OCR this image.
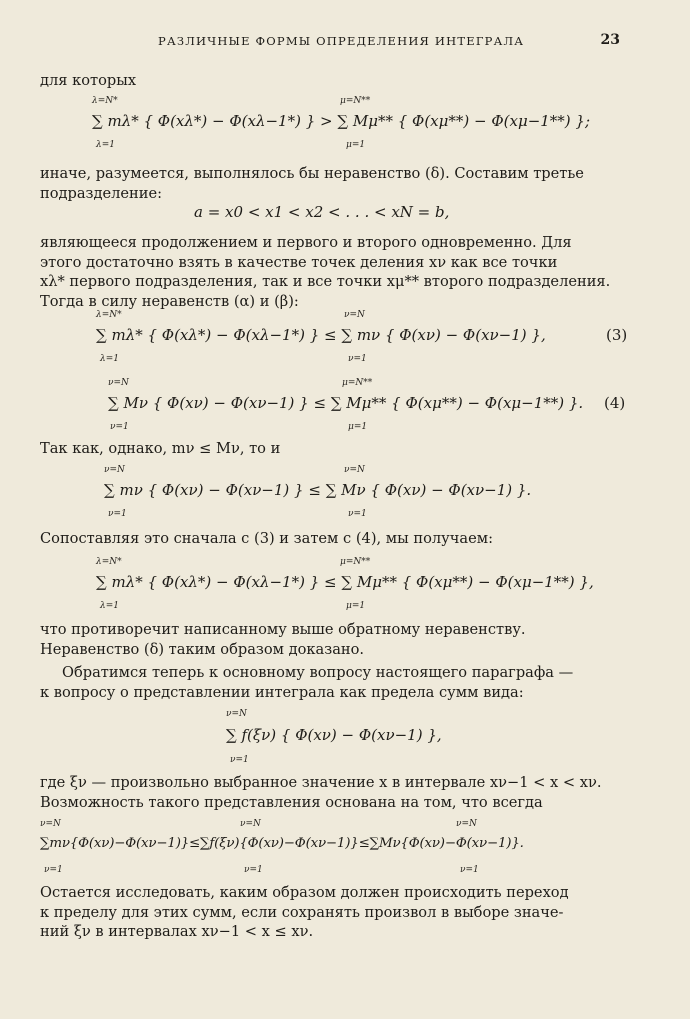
РАЗЛИЧНЫЕ ФОРМЫ ОПРЕДЕЛЕНИЯ ИНТЕГРАЛА	23
для которых
λ=N*
λ=1
μ=N**
μ=1
∑ mλ* { Φ(xλ*) − Φ(xλ−1*) } > ∑ Mμ** { Φ(xμ**) − Φ(xμ−1**) };
иначе, разумеется, выполнялось бы неравенство (δ). Составим третье
подразделение:
a = x0 < x1 < x2 < . . . < xN = b,
являющееся продолжением и первого и второго одновременно. Для
этого достаточно взять в качестве точек деления xν как все точки
xλ* первого подразделения, так и все точки xμ** второго подразделения.
Тогда в силу неравенств (α) и (β):
λ=N*
λ=1
ν=N
ν=1
∑ mλ* { Φ(xλ*) − Φ(xλ−1*) } ≤ ∑ mν { Φ(xν) − Φ(xν−1) },	(3)
ν=N
ν=1
μ=N**
μ=1
∑ Mν { Φ(xν) − Φ(xν−1) } ≤ ∑ Mμ** { Φ(xμ**) − Φ(xμ−1**) }. (4)
Так как, однако, mν ≤ Mν, то и
ν=N
ν=1
ν=N
ν=1
∑ mν { Φ(xν) − Φ(xν−1) } ≤ ∑ Mν { Φ(xν) − Φ(xν−1) }.
Сопоставляя это сначала с (3) и затем с (4), мы получаем:
λ=N*
λ=1
μ=N**
μ=1
∑ mλ* { Φ(xλ*) − Φ(xλ−1*) } ≤ ∑ Mμ** { Φ(xμ**) − Φ(xμ−1**) },
что противоречит написанному выше обратному неравенству.
Неравенство (δ) таким образом доказано.
Обратимся теперь к основному вопросу настоящего параграфа —
к вопросу о представлении интеграла как предела сумм вида:
ν=N
ν=1
∑ f(ξν) { Φ(xν) − Φ(xν−1) },
где ξν — произвольно выбранное значение x в интервале xν−1 < x < xν.
Возможность такого представления основана на том, что всегда
ν=N
ν=1
ν=N
ν=1
ν=N
ν=1
∑mν{Φ(xν)−Φ(xν−1)}≤∑f(ξν){Φ(xν)−Φ(xν−1)}≤∑Mν{Φ(xν)−Φ(xν−1)}.
Остается исследовать, каким образом должен происходить переход
к пределу для этих сумм, если сохранять произвол в выборе значе-
ний ξν в интервалах xν−1 < x ≤ xν.
